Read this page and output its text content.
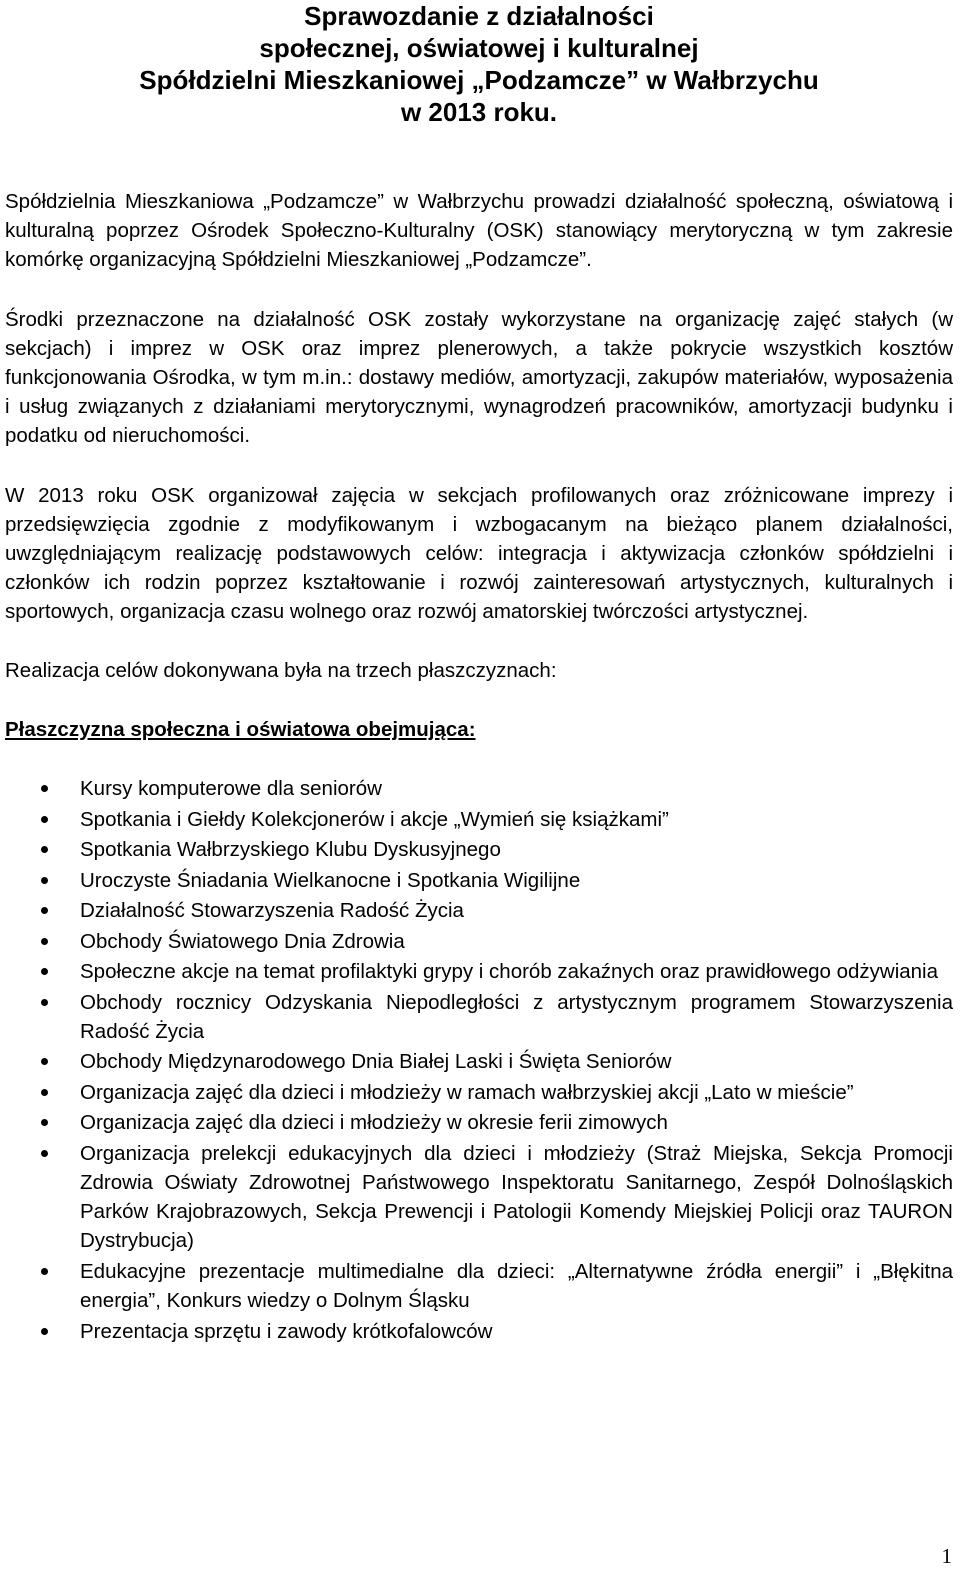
Sprawozdanie z działalności
społecznej, oświatowej i kulturalnej
Spółdzielni Mieszkaniowej „Podzamcze” w Wałbrzychu
w 2013 roku.

Spółdzielnia Mieszkaniowa „Podzamcze” w Wałbrzychu prowadzi działalność społeczną, oświatową i kulturalną poprzez Ośrodek Społeczno-Kulturalny (OSK) stanowiący merytoryczną w tym zakresie komórkę organizacyjną Spółdzielni Mieszkaniowej „Podzamcze”.

Środki przeznaczone na działalność OSK zostały wykorzystane na organizację zajęć stałych (w sekcjach) i imprez w OSK oraz imprez plenerowych, a także pokrycie wszystkich kosztów funkcjonowania Ośrodka, w tym m.in.: dostawy mediów, amortyzacji, zakupów materiałów, wyposażenia i usług związanych z działaniami merytorycznymi, wynagrodzeń pracowników, amortyzacji budynku i podatku od nieruchomości.

W 2013 roku OSK organizował zajęcia w sekcjach profilowanych oraz zróżnicowane imprezy i przedsięwzięcia zgodnie z modyfikowanym i wzbogacanym na bieżąco planem działalności, uwzględniającym realizację podstawowych celów: integracja i aktywizacja członków spółdzielni i członków ich rodzin poprzez kształtowanie i rozwój zainteresowań artystycznych, kulturalnych i sportowych, organizacja czasu wolnego oraz rozwój amatorskiej twórczości artystycznej.

Realizacja celów dokonywana była na trzech płaszczyznach:

Płaszczyzna społeczna i oświatowa obejmująca:
Kursy komputerowe dla seniorów
Spotkania i Giełdy Kolekcjonerów i akcje „Wymień się książkami”
Spotkania Wałbrzyskiego Klubu Dyskusyjnego
Uroczyste Śniadania Wielkanocne i Spotkania Wigilijne
Działalność Stowarzyszenia Radość Życia
Obchody Światowego Dnia Zdrowia
Społeczne akcje na temat profilaktyki grypy i chorób zakaźnych oraz prawidłowego odżywiania
Obchody rocznicy Odzyskania Niepodległości z artystycznym programem Stowarzyszenia Radość Życia
Obchody Międzynarodowego Dnia Białej Laski i Święta Seniorów
Organizacja zajęć dla dzieci i młodzieży w ramach wałbrzyskiej akcji „Lato w mieście”
Organizacja zajęć dla dzieci i młodzieży w okresie ferii zimowych
Organizacja prelekcji edukacyjnych dla dzieci i młodzieży (Straż Miejska, Sekcja Promocji Zdrowia Oświaty Zdrowotnej Państwowego Inspektoratu Sanitarnego, Zespół Dolnośląskich Parków Krajobrazowych, Sekcja Prewencji i Patologii Komendy Miejskiej Policji oraz TAURON Dystrybucja)
Edukacyjne prezentacje multimedialne dla dzieci: „Alternatywne źródła energii” i „Błękitna energia”, Konkurs wiedzy o Dolnym Śląsku
Prezentacja sprzętu i zawody krótkofalowców
1
